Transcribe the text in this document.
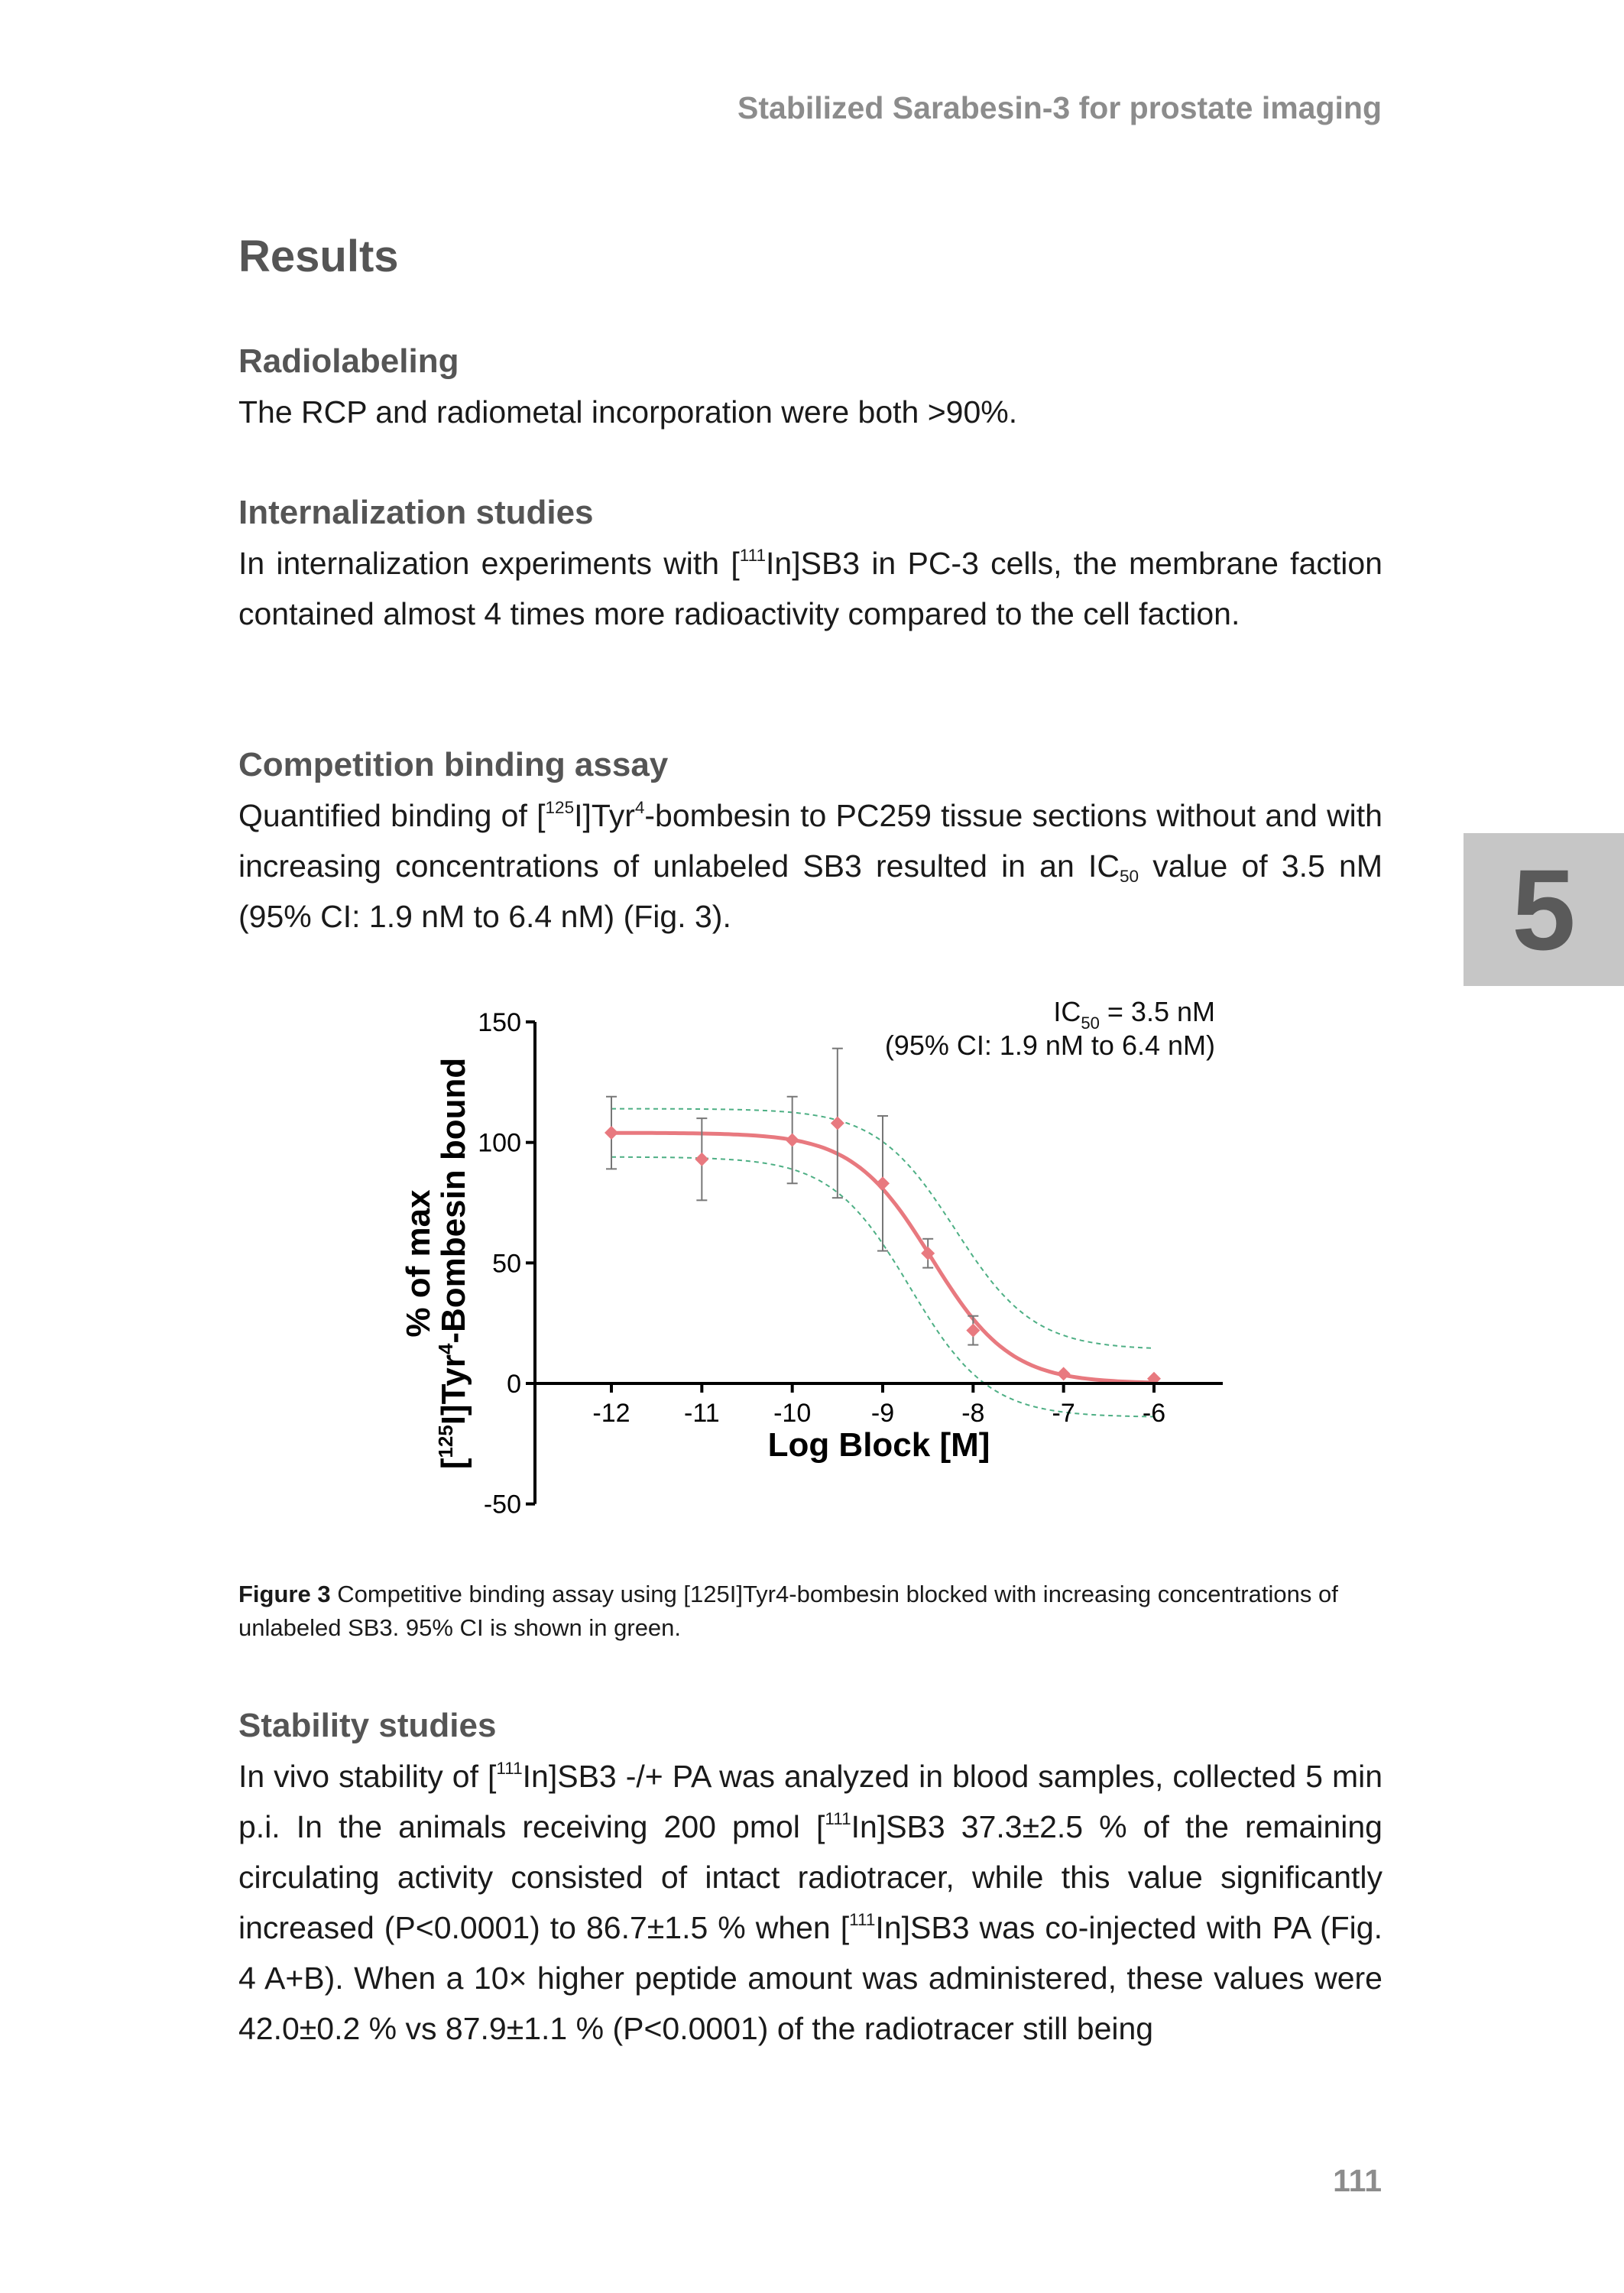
Stabilized Sarabesin-3 for prostate imaging
5
Results
Radiolabeling

The RCP and radiometal incorporation were both >90%.

Internalization studies

In internalization experiments with [$^{111}$In]SB3 in PC-3 cells, the membrane faction contained almost 4 times more radioactivity compared to the cell faction.

Competition binding assay

Quantified binding of [$^{125}$I]Tyr$^4$-bombesin to PC259 tissue sections without and with increasing concentrations of unlabeled SB3 resulted in an $IC_{50}$ value of 3.5 nM (95% CI: 1.9 nM to 6.4 nM) (Fig. 3).

Figure 3 Competitive binding assay using [125I]Tyr4-bombesin blocked with increasing concentrations of unlabeled SB3. 95% CI is shown in green.

Stability studies

In vivo stability of [$^{111}$In]SB3 -/+ PA was analyzed in blood samples, collected 5 min p.i. In the animals receiving 200 pmol [$^{111}$In]SB3 37.3±2.5 % of the remaining circulating activity consisted of intact radiotracer, while this value significantly increased (P<0.0001) to 86.7±1.5 % when [$^{111}$In]SB3 was co-injected with PA (Fig. 4 A+B). When a 10× higher peptide amount was administered, these values were 42.0±0.2 % vs 87.9±1.1 % (P<0.0001) of the radiotracer still being

-50
0
50
100
150
-12 -11 -10 -9	-8	-7	-6
$IC_{50} = 3.5$ nM
(95% CI: 1.9 nM to 6.4 nM)
Log Block [M]
% of max
[$^{125}$I]Tyr$^4$-Bombesin bound
111
